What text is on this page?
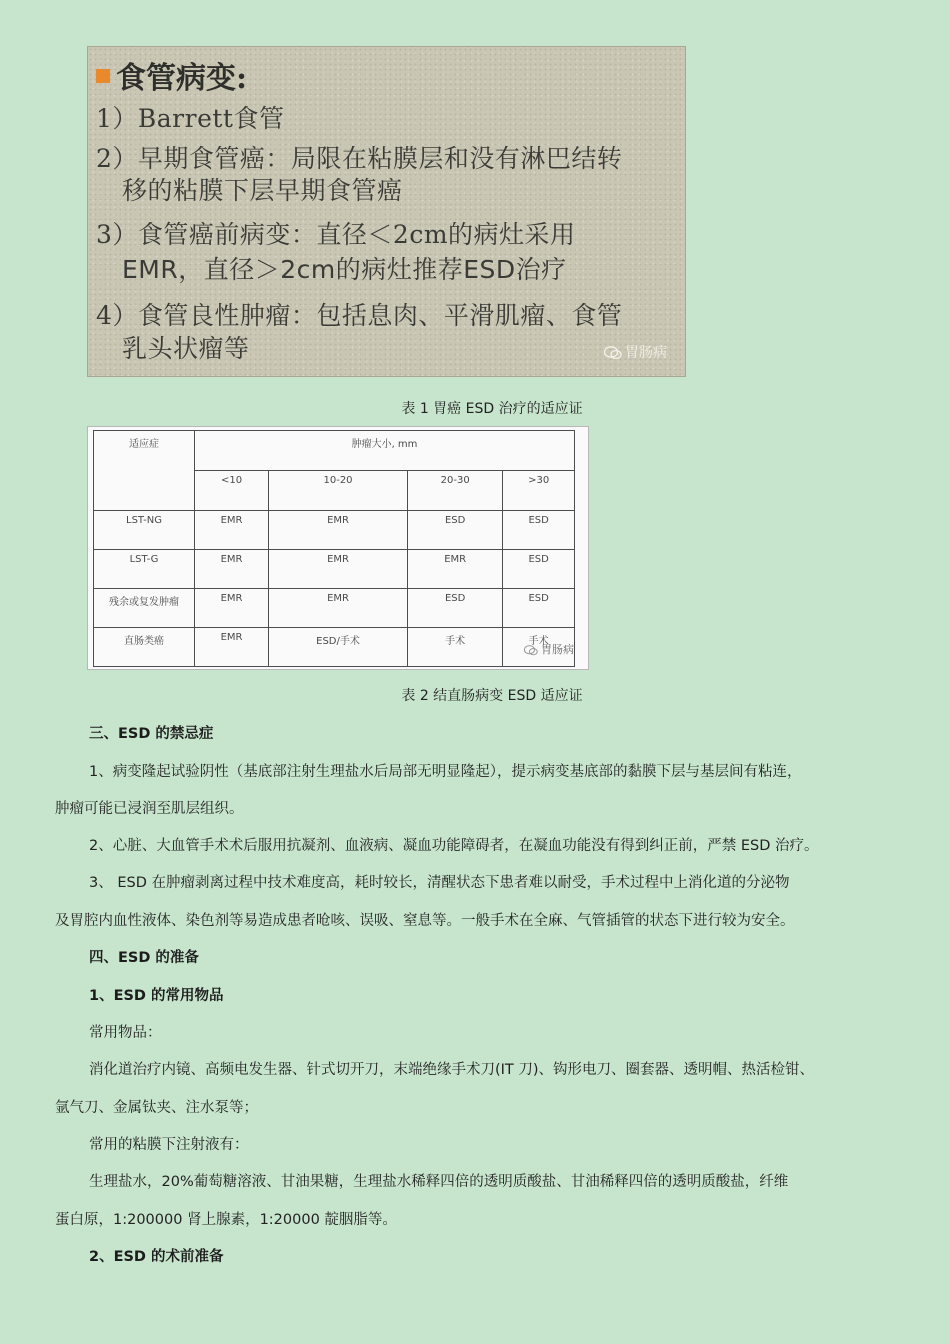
食管病变:
1）Barrett食管
2）早期食管癌：局限在粘膜层和没有淋巴结转
移的粘膜下层早期食管癌
3）食管癌前病变：直径＜2cm的病灶采用
EMR，直径＞2cm的病灶推荐ESD治疗
4）食管良性肿瘤：包括息肉、平滑肌瘤、食管
乳头状瘤等	胃肠病
表 1 胃癌 ESD 治疗的适应证
适应症	肿瘤大小, mm			
	<10	10-20	20-30	>30
LST-NG	EMR	EMR	ESD	ESD
LST-G	EMR	EMR	EMR	ESD
残余或复发肿瘤	EMR	EMR	ESD	ESD
直肠类癌	EMR	ESD/手术	手术	手术
胃肠病
表 2 结直肠病变 ESD 适应证
三、ESD 的禁忌症
1、病变隆起试验阴性（基底部注射生理盐水后局部无明显隆起），提示病变基底部的黏膜下层与基层间有粘连，
肿瘤可能已浸润至肌层组织。
2、心脏、大血管手术术后服用抗凝剂、血液病、凝血功能障碍者，在凝血功能没有得到纠正前，严禁 ESD 治疗。
3、 ESD 在肿瘤剥离过程中技术难度高，耗时较长，清醒状态下患者难以耐受，手术过程中上消化道的分泌物
及胃腔内血性液体、染色剂等易造成患者呛咳、误吸、窒息等。一般手术在全麻、气管插管的状态下进行较为安全。
四、ESD 的准备
1、ESD 的常用物品
常用物品：
消化道治疗内镜、高频电发生器、针式切开刀，末端绝缘手术刀(IT 刀)、钩形电刀、圈套器、透明帽、热活检钳、
氩气刀、金属钛夹、注水泵等；
常用的粘膜下注射液有：
生理盐水，20%葡萄糖溶液、甘油果糖，生理盐水稀释四倍的透明质酸盐、甘油稀释四倍的透明质酸盐，纤维
蛋白原，1:200000 肾上腺素，1:20000 靛胭脂等。
2、ESD 的术前准备
